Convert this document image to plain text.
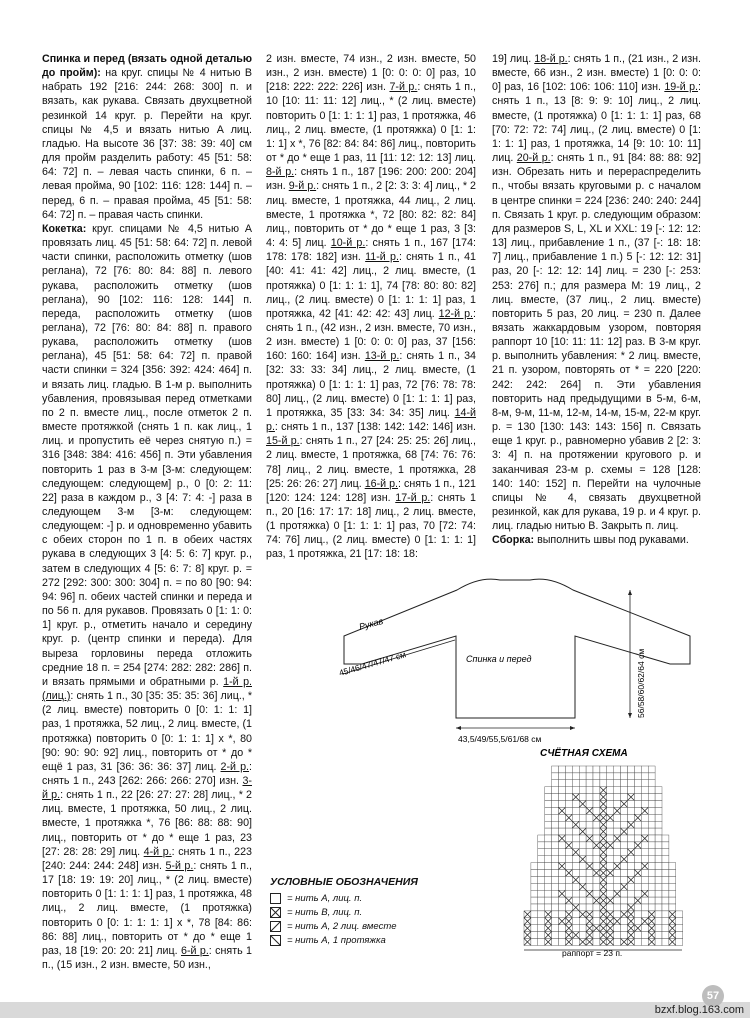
Спинка и перед (вязать одной деталью до пройм): на круг. спицы № 4 нитью B набрать 192 [216: 244: 268: 300] п. и вязать, как рукава. Связать двухцветной резинкой 14 круг. р. Перейти на круг. спицы № 4,5 и вязать нитью A лиц. гладью. На высоте 36 [37: 38: 39: 40] см для пройм разделить работу: 45 [51: 58: 64: 72] п. – левая часть спинки, 6 п. – левая пройма, 90 [102: 116: 128: 144] п. – перед, 6 п. – правая пройма, 45 [51: 58: 64: 72] п. – правая часть спинки.

Кокетка: круг. спицами № 4,5 нитью A провязать лиц. 45 [51: 58: 64: 72] п. левой части спинки, расположить отметку (шов реглана), 72 [76: 80: 84: 88] п. левого рукава, расположить отметку (шов реглана), 90 [102: 116: 128: 144] п. переда, расположить отметку (шов реглана), 72 [76: 80: 84: 88] п. правого рукава, расположить отметку (шов реглана), 45 [51: 58: 64: 72] п. правой части спинки = 324 [356: 392: 424: 464] п. и вязать лиц. гладью. В 1-м р. выполнить убавления, провязывая перед отметками по 2 п. вместе лиц., после отметок 2 п. вместе протяжкой (снять 1 п. как лиц., 1 лиц. и пропустить её через снятую п.) = 316 [348: 384: 416: 456] п. Эти убавления повторить 1 раз в 3-м [3-м: следующем: следующем: следующем] р., 0 [0: 2: 11: 22] раза в каждом р., 3 [4: 7: 4: -] раза в следующем 3-м [3-м: следующем: следующем: -] р. и одновременно убавить с обеих сторон по 1 п. в обеих частях рукава в следующих 3 [4: 5: 6: 7] круг. р., затем в следующих 4 [5: 6: 7: 8] круг. р. = 272 [292: 300: 300: 304] п. = по 80 [90: 94: 94: 96] п. обеих частей спинки и переда и по 56 п. для рукавов. Провязать 0 [1: 1: 0: 1] круг. р., отметить начало и середину круг. р. (центр спинки и переда). Для выреза горловины переда отложить средние 18 п. = 254 [274: 282: 282: 286] п. и вязать прямыми и обратными р. 1-й р. (лиц.): снять 1 п., 30 [35: 35: 35: 36] лиц., * (2 лиц. вместе) повторить 0 [0: 1: 1: 1] раз, 1 протяжка, 52 лиц., 2 лиц. вместе, (1 протяжка) повторить 0 [0: 1: 1: 1] х *, 80 [90: 90: 90: 92] лиц., повторить от * до * ещё 1 раз, 31 [36: 36: 36: 37] лиц. 2-й р.: снять 1 п., 243 [262: 266: 266: 270] изн. 3-й р.: снять 1 п., 22 [26: 27: 27: 28] лиц., * 2 лиц. вместе, 1 протяжка, 50 лиц., 2 лиц. вместе, 1 протяжка *, 76 [86: 88: 88: 90] лиц., повторить от * до * еще 1 раз, 23 [27: 28: 28: 29] лиц. 4-й р.: снять 1 п., 223 [240: 244: 244: 248] изн. 5-й р.: снять 1 п., 17 [18: 19: 19: 20] лиц., * (2 лиц. вместе) повторить 0 [1: 1: 1: 1] раз, 1 протяжка, 48 лиц., 2 лиц. вместе, (1 протяжка) повторить 0 [0: 1: 1: 1: 1] х *, 78 [84: 86: 86: 88] лиц., повторить от * до * еще 1 раз, 18 [19: 20: 20: 21] лиц. 6-й р.: снять 1 п., (15 изн., 2 изн. вместе, 50 изн.,

2 изн. вместе, 74 изн., 2 изн. вместе, 50 изн., 2 изн. вместе) 1 [0: 0: 0: 0] раз, 10 [218: 222: 222: 226] изн. 7-й р.: снять 1 п., 10 [10: 11: 11: 12] лиц., * (2 лиц. вместе) повторить 0 [1: 1: 1: 1] раз, 1 протяжка, 46 лиц., 2 лиц. вместе, (1 протяжка) 0 [1: 1: 1: 1] х *, 76 [82: 84: 84: 86] лиц., повторить от * до * еще 1 раз, 11 [11: 12: 12: 13] лиц. 8-й р.: снять 1 п., 187 [196: 200: 200: 204] изн. 9-й р.: снять 1 п., 2 [2: 3: 3: 4] лиц., * 2 лиц. вместе, 1 протяжка, 44 лиц., 2 лиц. вместе, 1 протяжка *, 72 [80: 82: 82: 84] лиц., повторить от * до * еще 1 раз, 3 [3: 4: 4: 5] лиц. 10-й р.: снять 1 п., 167 [174: 178: 178: 182] изн. 11-й р.: снять 1 п., 41 [40: 41: 41: 42] лиц., 2 лиц. вместе, (1 протяжка) 0 [1: 1: 1: 1], 74 [78: 80: 80: 82] лиц., (2 лиц. вместе) 0 [1: 1: 1: 1] раз, 1 протяжка, 42 [41: 42: 42: 43] лиц. 12-й р.: снять 1 п., (42 изн., 2 изн. вместе, 70 изн., 2 изн. вместе) 1 [0: 0: 0: 0] раз, 37 [156: 160: 160: 164] изн. 13-й р.: снять 1 п., 34 [32: 33: 33: 34] лиц., 2 лиц. вместе, (1 протяжка) 0 [1: 1: 1: 1] раз, 72 [76: 78: 78: 80] лиц., (2 лиц. вместе) 0 [1: 1: 1: 1] раз, 1 протяжка, 35 [33: 34: 34: 35] лиц. 14-й р.: снять 1 п., 137 [138: 142: 142: 146] изн. 15-й р.: снять 1 п., 27 [24: 25: 25: 26] лиц., 2 лиц. вместе, 1 протяжка, 68 [74: 76: 76: 78] лиц., 2 лиц. вместе, 1 протяжка, 28 [25: 26: 26: 27] лиц. 16-й р.: снять 1 п., 121 [120: 124: 124: 128] изн. 17-й р.: снять 1 п., 20 [16: 17: 17: 18] лиц., 2 лиц. вместе, (1 протяжка) 0 [1: 1: 1: 1] раз, 70 [72: 74: 74: 76] лиц., (2 лиц. вместе) 0 [1: 1: 1: 1] раз, 1 протяжка, 21 [17: 18: 18:

19] лиц. 18-й р.: снять 1 п., (21 изн., 2 изн. вместе, 66 изн., 2 изн. вместе) 1 [0: 0: 0: 0] раз, 16 [102: 106: 106: 110] изн. 19-й р.: снять 1 п., 13 [8: 9: 9: 10] лиц., 2 лиц. вместе, (1 протяжка) 0 [1: 1: 1: 1] раз, 68 [70: 72: 72: 74] лиц., (2 лиц. вместе) 0 [1: 1: 1: 1] раз, 1 протяжка, 14 [9: 10: 10: 11] лиц. 20-й р.: снять 1 п., 91 [84: 88: 88: 92] изн. Обрезать нить и перераспределить п., чтобы вязать круговыми р. с началом в центре спинки = 224 [236: 240: 240: 244] п. Связать 1 круг. р. следующим образом: для размеров S, L, XL и XXL: 19 [-: 12: 12: 13] лиц., прибавление 1 п., (37 [-: 18: 18: 7] лиц., прибавление 1 п.) 5 [-: 12: 12: 31] раз, 20 [-: 12: 12: 14] лиц. = 230 [-: 253: 253: 276] п.; для размера M: 19 лиц., 2 лиц. вместе, (37 лиц., 2 лиц. вместе) повторить 5 раз, 20 лиц. = 230 п. Далее вязать жаккардовым узором, повторяя раппорт 10 [10: 11: 11: 12] раз. В 3-м круг. р. выполнить убавления: * 2 лиц. вместе, 21 п. узором, повторять от * = 220 [220: 242: 242: 264] п. Эти убавления повторить над предыдущими в 5-м, 6-м, 8-м, 9-м, 11-м, 12-м, 14-м, 15-м, 22-м круг. р. = 130 [130: 143: 143: 156] п. Связать еще 1 круг. р., равномерно убавив 2 [2: 3: 3: 4] п. на протяжении кругового р. и заканчивая 23-м р. схемы = 128 [128: 140: 140: 152] п. Перейти на чулочные спицы № 4, связать двухцветной резинкой, как для рукава, 19 р. и 4 круг. р. лиц. гладью нитью B. Закрыть п. лиц.

Сборка: выполнить швы под рукавами.

Рукав
45/46/47/47/47 см	Спинка и перед
43,5/49/55,5/61/68 см
56/58/60/62/64 см
УСЛОВНЫЕ ОБОЗНАЧЕНИЯ
= нить A, лиц. п.
= нить B, лиц. п.
= нить A, 2 лиц. вместе
= нить A, 1 протяжка
СЧЁТНАЯ СХЕМА
раппорт = 23 п.
57
bzxf.blog.163.com
